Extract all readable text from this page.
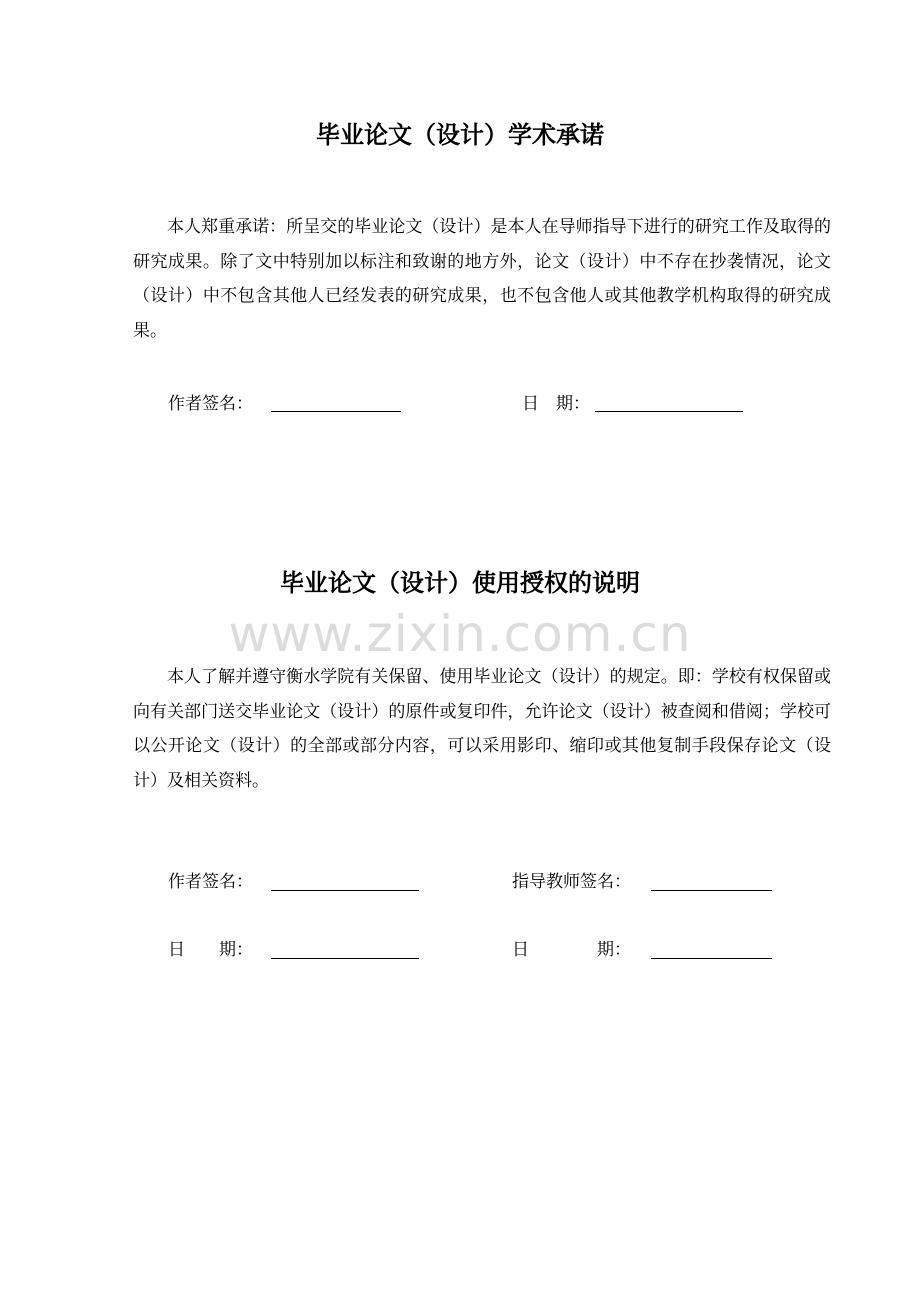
毕业论文（设计）学术承诺

本人郑重承诺：所呈交的毕业论文（设计）是本人在导师指导下进行的研究工作及取得的研究成果。除了文中特别加以标注和致谢的地方外，论文（设计）中不存在抄袭情况，论文（设计）中不包含其他人已经发表的研究成果，也不包含他人或其他教学机构取得的研究成果。

作者签名：	日　期：
毕业论文（设计）使用授权的说明
www.zixin.com.cn

本人了解并遵守衡水学院有关保留、使用毕业论文（设计）的规定。即：学校有权保留或向有关部门送交毕业论文（设计）的原件或复印件，允许论文（设计）被查阅和借阅；学校可以公开论文（设计）的全部或部分内容，可以采用影印、缩印或其他复制手段保存论文（设计）及相关资料。

作者签名：	指导教师签名：
日　　期：	日　　　　期：
